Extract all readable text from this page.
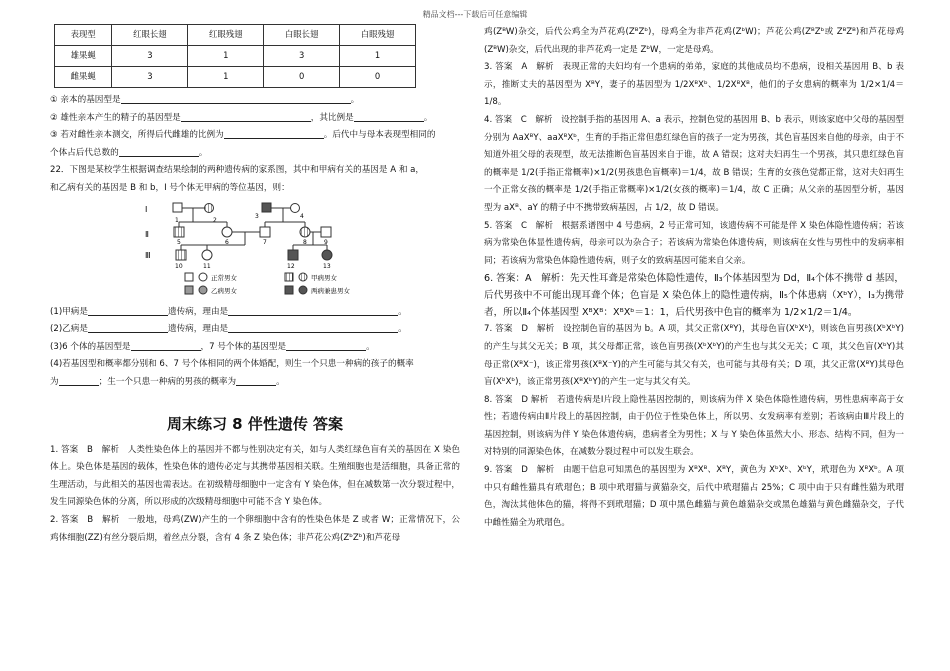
精品文档---下载后可任意编辑
表现型	红眼长翅	红眼残翅	白眼长翅	白眼残翅
雄果蝇	3	1	3	1
雌果蝇	3	1	0	0
① 亲本的基因型是	。
② 雄性亲本产生的精子的基因型是	，其比例是	。
③ 若对雌性亲本测交，所得后代雌雄的比例为	。后代中与母本表现型相同的
个体占后代总数的	。
22．下图是某校学生根据调查结果绘制的两种遗传病的家系图，其中和甲病有关的基因是 A 和 a，
和乙病有关的基因是 B 和 b，Ⅰ 号个体无甲病的等位基因，则：
Ⅰ
Ⅱ
Ⅲ
1	2
3	4
5	6	7	8	9
10	11	12	13
正常男女	甲病男女
乙病男女	两病兼患男女
(1)甲病是	遗传病，理由是	。
(2)乙病是	遗传病，理由是	。
(3)6 个体的基因型是	，7 号个体的基因型是	。
(4)若基因型和概率都分别和 6、7 号个体相同的两个体婚配，则生一个只患一种病的孩子的概率
为	；生一个只患一种病的男孩的概率为	。
周末练习 8 伴性遗传 答案
1. 答案　B　解析　人类性染色体上的基因并不都与性别决定有关，如与人类红绿色盲有关的基因在 X 染色体上。染色体是基因的载体，性染色体的遗传必定与其携带基因相关联。生殖细胞也是活细胞，具备正常的生理活动，与此相关的基因也需表达。在初级精母细胞中一定含有 Y 染色体，但在减数第一次分裂过程中，发生同源染色体的分离，所以形成的次级精母细胞中可能不含 Y 染色体。
2. 答案　B　解析　一般地，母鸡(ZW)产生的一个卵细胞中含有的性染色体是 Z 或者 W；正常情况下，公鸡体细胞(ZZ)有丝分裂后期，着丝点分裂，含有 4 条 Z 染色体；非芦花公鸡(ZᵇZᵇ)和芦花母
鸡(ZᴮW)杂交，后代公鸡全为芦花鸡(ZᴮZᵇ)，母鸡全为非芦花鸡(ZᵇW)；芦花公鸡(ZᴮZᵇ或 ZᴮZᴮ)和芦花母鸡(ZᴮW)杂交，后代出现的非芦花鸡一定是 ZᵇW，一定是母鸡。
3. 答案　A　解析　表现正常的夫妇均有一个患病的弟弟，家庭的其他成员均不患病，设相关基因用 B、b 表示，推断丈夫的基因型为 XᴮY，妻子的基因型为 1/2XᴮXᵇ、1/2XᴮXᴮ，他们的子女患病的概率为 1/2×1/4＝1/8。
4. 答案　C　解析　设控制手指的基因用 A、a 表示，控制色觉的基因用 B、b 表示，则该家庭中父母的基因型分别为 AaXᴮY、aaXᴮXᵇ，生育的手指正常但患红绿色盲的孩子一定为男孩，其色盲基因来自他的母亲，由于不知道外祖父母的表现型，故无法推断色盲基因来自于谁，故 A 错误；这对夫妇再生一个男孩，其只患红绿色盲的概率是 1/2(手指正常概率)×1/2(男孩患色盲概率)＝1/4，故 B 错误；生育的女孩色觉都正常，这对夫妇再生一个正常女孩的概率是 1/2(手指正常概率)×1/2(女孩的概率)＝1/4，故 C 正确；从父亲的基因型分析，基因型为 aXᴮ、aY 的精子中不携带致病基因，占 1/2，故 D 错误。
5. 答案　C　解析　根据系谱图中 4 号患病，2 号正常可知，该遗传病不可能是伴 X 染色体隐性遗传病；若该病为常染色体显性遗传病，母亲可以为杂合子；若该病为常染色体遗传病，则该病在女性与男性中的发病率相同；若该病为常染色体隐性遗传病，则子女的致病基因可能来自父亲。
6. 答案：A　解析：先天性耳聋是常染色体隐性遗传，Ⅱ₃个体基因型为 Dd，Ⅱ₄个体不携带 d 基因，后代男孩中不可能出现耳聋个体；色盲是 X 染色体上的隐性遗传病，Ⅱ₅个体患病（XᵇY），Ⅰ₃为携带者，所以Ⅱ₄个体基因型 XᴮXᴮ：XᴮXᵇ＝1：1，后代男孩中色盲的概率为 1/2×1/2＝1/4。
7. 答案　D　解析　设控制色盲的基因为 b。A 项，其父正常(XᴮY)，其母色盲(XᵇXᵇ)，则该色盲男孩(XᵇXᵇY)的产生与其父无关；B 项，其父母都正常，该色盲男孩(XᵇXᵇY)的产生也与其父无关；C 项，其父色盲(XᵇY)其母正常(XᴮX⁻)，该正常男孩(XᴮX⁻Y)的产生可能与其父有关，也可能与其母有关；D 项，其父正常(XᴮY)其母色盲(XᵇXᵇ)，该正常男孩(XᴮXᵇY)的产生一定与其父有关。
8. 答案　D 解析　若遗传病是Ⅰ片段上隐性基因控制的，则该病为伴 X 染色体隐性遗传病，男性患病率高于女性；若遗传病由Ⅱ片段上的基因控制，由于仍位于性染色体上，所以男、女发病率有差别；若该病由Ⅲ片段上的基因控制，则该病为伴 Y 染色体遗传病，患病者全为男性；X 与 Y 染色体虽然大小、形态、结构不同，但为一对特别的同源染色体，在减数分裂过程中可以发生联会。
9. 答案　D　解析　由题干信息可知黑色的基因型为 XᴮXᴮ、XᴮY，黄色为 XᵇXᵇ、XᵇY，玳瑁色为 XᴮXᵇ。A 项中只有雌性猫具有玳瑁色；B 项中玳瑁猫与黄猫杂交，后代中玳瑁猫占 25%；C 项中由于只有雌性猫为玳瑁色，淘汰其他体色的猫，将得不到玳瑁猫；D 项中黑色雌猫与黄色雄猫杂交或黑色雄猫与黄色雌猫杂交，子代中雌性猫全为玳瑁色。
